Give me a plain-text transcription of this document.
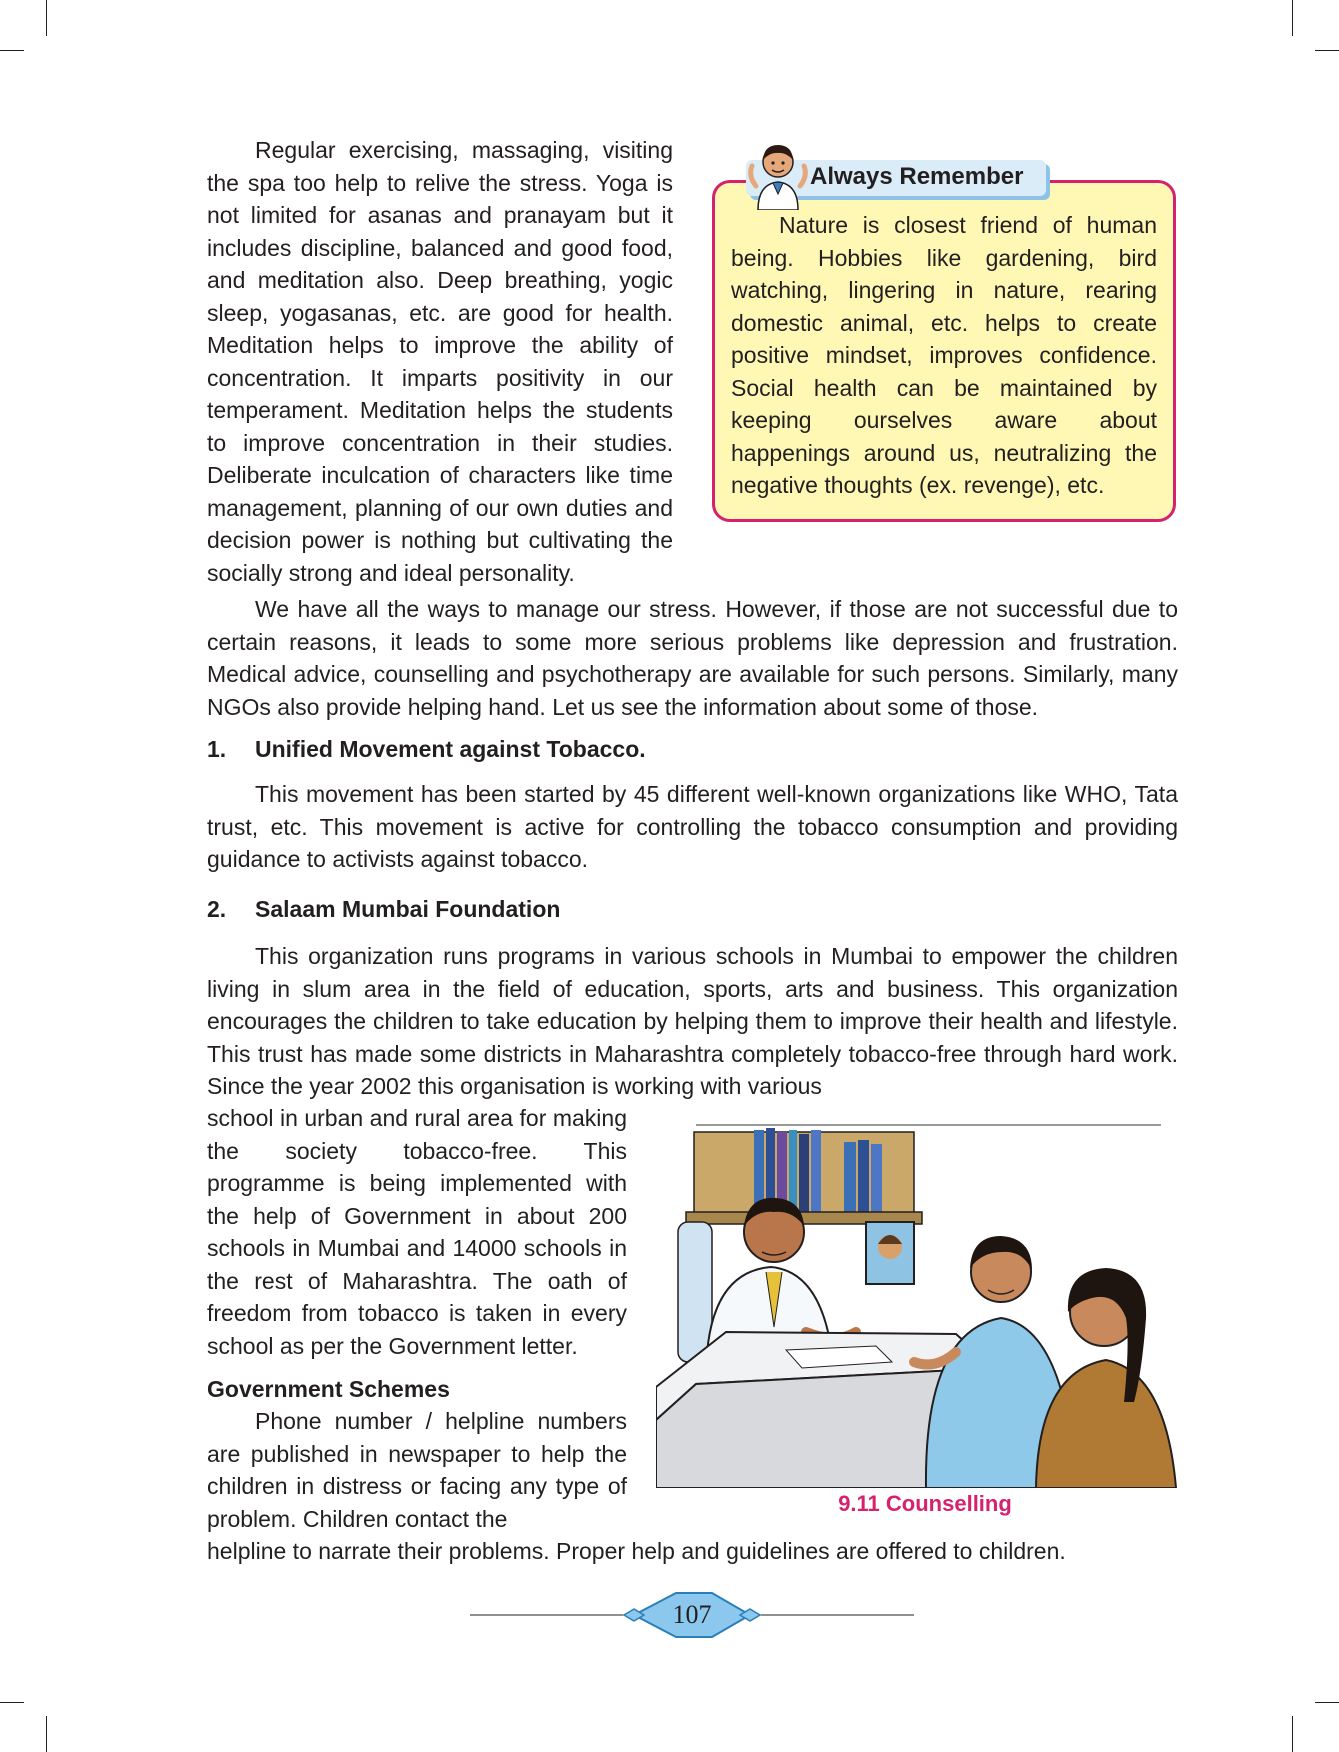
Regular exercising, massaging, visiting the spa too help to relive the stress. Yoga is not limited for asanas and pranayam but it includes discipline, balanced and good food, and meditation also. Deep breathing, yogic sleep, yogasanas, etc. are good for health. Meditation helps to improve the ability of concentration. It imparts positivity in our temperament. Meditation helps the students to improve concentration in their studies. Deliberate inculcation of characters like time management, planning of our own duties and decision power is nothing but cultivating the socially strong and ideal personality.

Nature is closest friend of human being. Hobbies like gardening, bird watching, lingering in nature, rearing domestic animal, etc. helps to create positive mindset, improves confidence. Social health can be maintained by keeping ourselves aware about happenings around us, neutralizing the negative thoughts (ex. revenge), etc.

Always Remember

We have all the ways to manage our stress. However, if those are not successful due to certain reasons, it leads to some more serious problems like depression and frustration. Medical advice, counselling and psychotherapy are available for such persons. Similarly, many NGOs also provide helping hand. Let us see the information about some of those.

1. Unified Movement against Tobacco.

This movement has been started by 45 different well-known organizations like WHO, Tata trust, etc. This movement is active for controlling the tobacco consumption and providing guidance to activists against tobacco.

2. Salaam Mumbai Foundation

This organization runs programs in various schools in Mumbai to empower the children living in slum area in the field of education, sports, arts and business. This organization encourages the children to take education by helping them to improve their health and lifestyle. This trust has made some districts in Maharashtra completely tobacco-free through hard work. Since the year 2002 this organisation is working with various

school in urban and rural area for making the society tobacco-free. This programme is being implemented with the help of Government in about 200 schools in Mumbai and 14000 schools in the rest of Maharashtra. The oath of freedom from tobacco is taken in every school as per the Government letter.

Government Schemes

Phone number / helpline numbers are published in newspaper to help the children in distress or facing any type of problem. Children contact the

helpline to narrate their problems. Proper help and guidelines are offered to children.

9.11 Counselling
107
